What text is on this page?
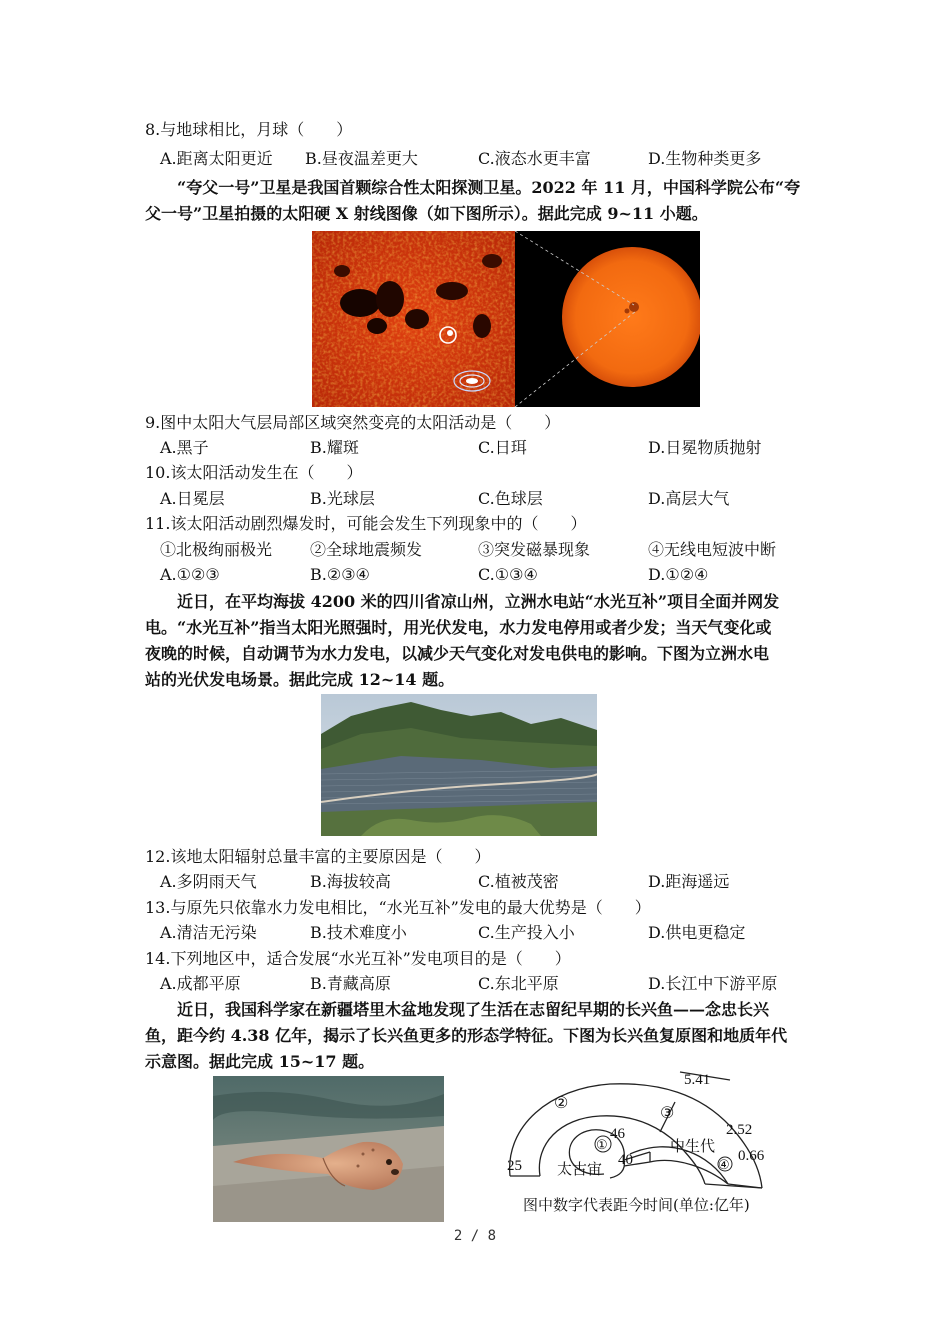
8.与地球相比，月球（　　）
A.距离太阳更近 B.昼夜温差更大	C.液态水更丰富	D.生物种类更多

“夸父一号”卫星是我国首颗综合性太阳探测卫星。2022 年 11 月，中国科学院公布“夸

父一号”卫星拍摄的太阳硬 X 射线图像（如下图所示）。据此完成 9~11 小题。

9.图中太阳大气层局部区域突然变亮的太阳活动是（　　）
A.黑子	B.耀斑	C.日珥	D.日冕物质抛射
10.该太阳活动发生在（　　）
A.日冕层	B.光球层	C.色球层	D.高层大气
11.该太阳活动剧烈爆发时，可能会发生下列现象中的（　　）
①北极绚丽极光 ②全球地震频发	③突发磁暴现象	④无线电短波中断
A.①②③	B.②③④	C.①③④	D.①②④

近日，在平均海拔 4200 米的四川省凉山州，立洲水电站“水光互补”项目全面并网发

电。“水光互补”指当太阳光照强时，用光伏发电，水力发电停用或者少发；当天气变化或

夜晚的时候，自动调节为水力发电，以减少天气变化对发电供电的影响。下图为立洲水电

站的光伏发电场景。据此完成 12~14 题。

12.该地太阳辐射总量丰富的主要原因是（　　）
A.多阴雨天气	B.海拔较高	C.植被茂密	D.距海遥远
13.与原先只依靠水力发电相比，“水光互补”发电的最大优势是（　　）
A.清洁无污染	B.技术难度小	C.生产投入小	D.供电更稳定
14.下列地区中，适合发展“水光互补”发电项目的是（　　）
A.成都平原	B.青藏高原	C.东北平原	D.长江中下游平原

近日，我国科学家在新疆塔里木盆地发现了生活在志留纪早期的长兴鱼——念忠长兴

鱼，距今约 4.38 亿年，揭示了长兴鱼更多的形态学特征。下图为长兴鱼复原图和地质年代

示意图。据此完成 15~17 题。

5.41
2.52
0.66
46
40
25
①
②
③
④
中生代
太古宙
图中数字代表距今时间(单位:亿年)
2 / 8
